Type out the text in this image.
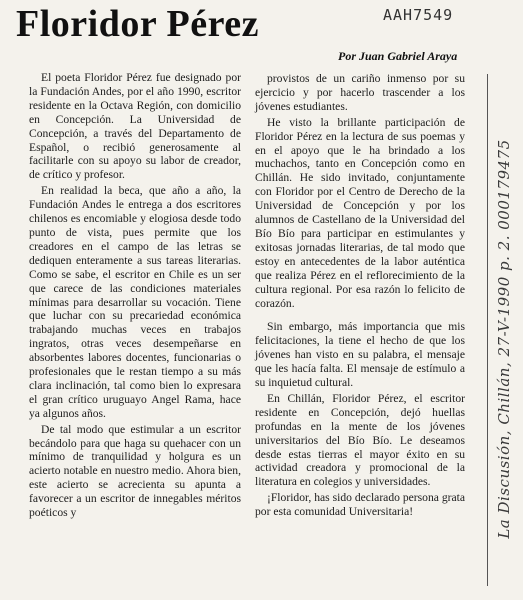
Floridor Pérez	AAH7549
Por Juan Gabriel Araya

El poeta Floridor Pérez fue designado por la Fundación Andes, por el año 1990, escritor residente en la Octava Región, con domicilio en Concepción. La Universidad de Concepción, a través del Departamento de Español, o recibió generosamente al facilitarle con su apoyo su labor de creador, de crítico y profesor.

En realidad la beca, que año a año, la Fundación Andes le entrega a dos escritores chilenos es encomiable y elogiosa desde todo punto de vista, pues permite que los creadores en el campo de las letras se dediquen enteramente a sus tareas literarias. Como se sabe, el escritor en Chile es un ser que carece de las condiciones materiales mínimas para desarrollar su vocación. Tiene que luchar con su precariedad económica trabajando muchas veces en trabajos ingratos, otras veces desempeñarse en absorbentes labores docentes, funcionarias o profesionales que le restan tiempo a su más clara inclinación, tal como bien lo expresara el gran crítico uruguayo Angel Rama, hace ya algunos años.

De tal modo que estimular a un escritor becándolo para que haga su quehacer con un mínimo de tranquilidad y holgura es un acierto notable en nuestro medio. Ahora bien, este acierto se acrecienta su apunta a favorecer a un escritor de innegables méritos poéticos y

provistos de un cariño inmenso por su ejercicio y por hacerlo trascender a los jóvenes estudiantes.

He visto la brillante participación de Floridor Pérez en la lectura de sus poemas y en el apoyo que le ha brindado a los muchachos, tanto en Concepción como en Chillán. He sido invitado, conjuntamente con Floridor por el Centro de Derecho de la Universidad de Concepción y por los alumnos de Castellano de la Universidad del Bío Bío para participar en estimulantes y exitosas jornadas literarias, de tal modo que estoy en antecedentes de la labor auténtica que realiza Pérez en el reflorecimiento de la cultura regional. Por esa razón lo felicito de corazón.

Sin embargo, más importancia que mis felicitaciones, la tiene el hecho de que los jóvenes han visto en su palabra, el mensaje que les hacía falta. El mensaje de estímulo a su inquietud cultural.

En Chillán, Floridor Pérez, el escritor residente en Concepción, dejó huellas profundas en la mente de los jóvenes universitarios del Bío Bío. Le deseamos desde estas tierras el mayor éxito en su actividad creadora y promocional de la literatura en colegios y universidades.

¡Floridor, has sido declarado persona grata por esta comunidad Universitaria!	La Discusión, Chillán, 27-V-1990 p. 2. 000179475
